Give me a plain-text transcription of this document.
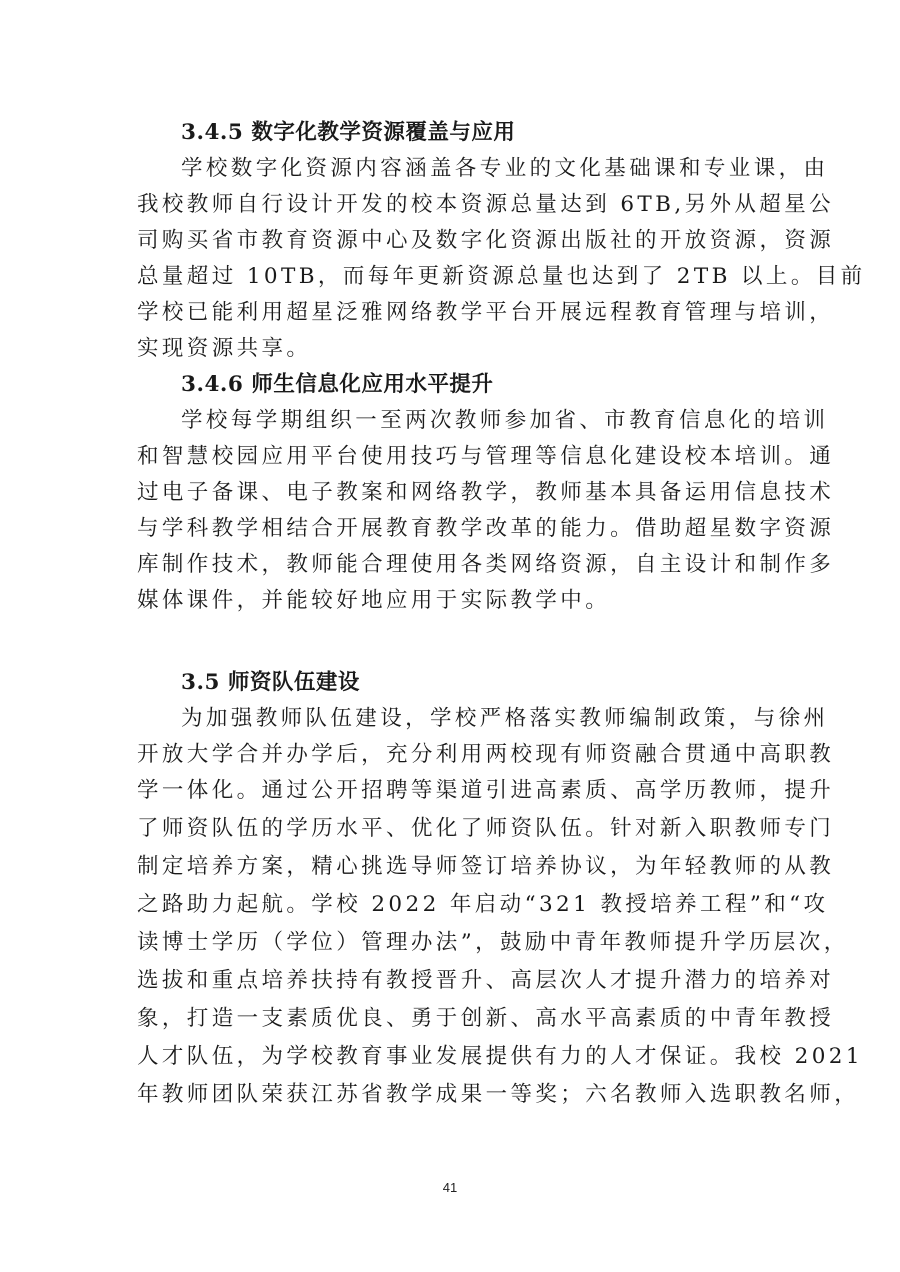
3.4.5 数字化教学资源覆盖与应用
学校数字化资源内容涵盖各专业的文化基础课和专业课，由
我校教师自行设计开发的校本资源总量达到 6TB,另外从超星公
司购买省市教育资源中心及数字化资源出版社的开放资源，资源
总量超过 10TB，而每年更新资源总量也达到了 2TB 以上。目前
学校已能利用超星泛雅网络教学平台开展远程教育管理与培训，
实现资源共享。
3.4.6 师生信息化应用水平提升
学校每学期组织一至两次教师参加省、市教育信息化的培训
和智慧校园应用平台使用技巧与管理等信息化建设校本培训。通
过电子备课、电子教案和网络教学，教师基本具备运用信息技术
与学科教学相结合开展教育教学改革的能力。借助超星数字资源
库制作技术，教师能合理使用各类网络资源，自主设计和制作多
媒体课件，并能较好地应用于实际教学中。
3.5 师资队伍建设
为加强教师队伍建设，学校严格落实教师编制政策，与徐州
开放大学合并办学后，充分利用两校现有师资融合贯通中高职教
学一体化。通过公开招聘等渠道引进高素质、高学历教师，提升
了师资队伍的学历水平、优化了师资队伍。针对新入职教师专门
制定培养方案，精心挑选导师签订培养协议，为年轻教师的从教
之路助力起航。学校 2022 年启动“321 教授培养工程”和“攻
读博士学历（学位）管理办法”，鼓励中青年教师提升学历层次，
选拔和重点培养扶持有教授晋升、高层次人才提升潜力的培养对
象，打造一支素质优良、勇于创新、高水平高素质的中青年教授
人才队伍，为学校教育事业发展提供有力的人才保证。我校 2021
年教师团队荣获江苏省教学成果一等奖；六名教师入选职教名师，
41
